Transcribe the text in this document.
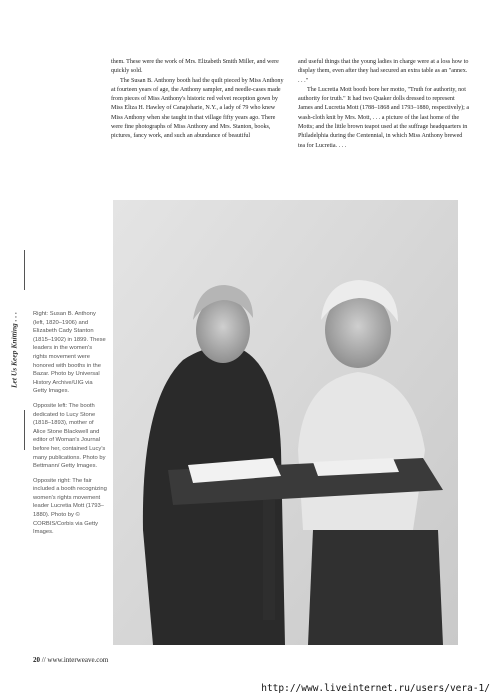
them. These were the work of Mrs. Elizabeth Smith Miller, and were quickly sold.

The Susan B. Anthony booth had the quilt pieced by Miss Anthony at fourteen years of age, the Anthony sampler, and needle-cases made from pieces of Miss Anthony's historic red velvet reception gown by Miss Eliza H. Hawley of Canajoharie, N.Y., a lady of 79 who knew Miss Anthony when she taught in that village fifty years ago. There were fine photographs of Miss Anthony and Mrs. Stanton, books, pictures, fancy work, and such an abundance of beautiful

and useful things that the young ladies in charge were at a loss how to display them, even after they had secured an extra table as an "annex. . . ."

The Lucretia Mott booth bore her motto, "Truth for authority, not authority for truth." It had two Quaker dolls dressed to represent James and Lucretia Mott (1788–1868 and 1793–1880, respectively); a wash-cloth knit by Mrs. Mott, . . . a picture of the last home of the Motts; and the little brown teapot used at the suffrage headquarters in Philadelphia during the Centennial, in which Miss Anthony brewed tea for Lucretia. . . .

Let Us Keep Knitting . . .	Right: Susan B. Anthony (left, 1820–1906) and Elizabeth Cady Stanton (1815–1902) in 1899. These leaders in the women's rights movement were honored with booths in the Bazar. Photo by Universal History Archive/UIG via Getty Images.

Opposite left: The booth dedicated to Lucy Stone (1818–1893), mother of Alice Stone Blackwell and editor of Woman's Journal before her, contained Lucy's many publications. Photo by Bettmann/ Getty Images.

Opposite right: The fair included a booth recognizing women's rights movement leader Lucretia Mott (1793–1880). Photo by © CORBIS/Corbis via Getty Images.

20 // www.interweave.com
http://www.liveinternet.ru/users/vera-1/
